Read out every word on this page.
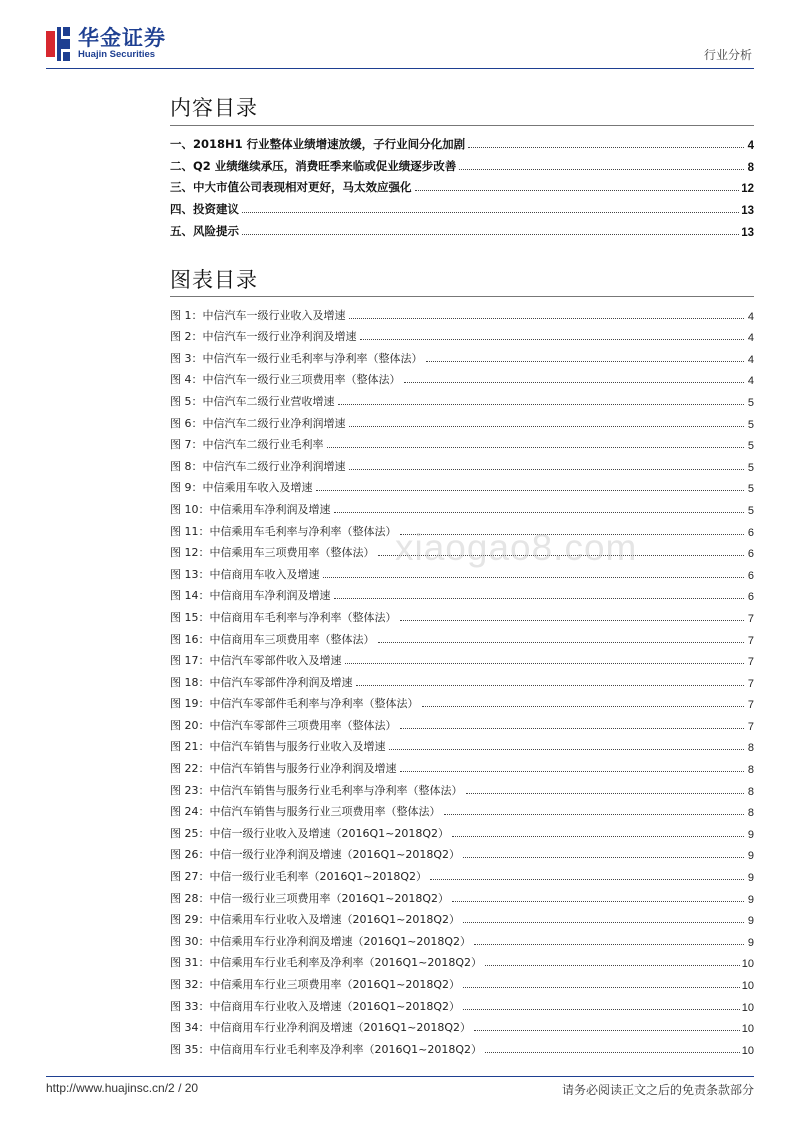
华金证券
Huajin Securities	行业分析
内容目录
一、2018H1 行业整体业绩增速放缓，子行业间分化加剧	4
二、Q2 业绩继续承压，消费旺季来临或促业绩逐步改善	8
三、中大市值公司表现相对更好，马太效应强化	12
四、投资建议	13
五、风险提示	13
图表目录
图 1：中信汽车一级行业收入及增速	4
图 2：中信汽车一级行业净利润及增速	4
图 3：中信汽车一级行业毛利率与净利率（整体法）	4
图 4：中信汽车一级行业三项费用率（整体法）	4
图 5：中信汽车二级行业营收增速	5
图 6：中信汽车二级行业净利润增速	5
图 7：中信汽车二级行业毛利率	5
图 8：中信汽车二级行业净利润增速	5
图 9：中信乘用车收入及增速	5
图 10：中信乘用车净利润及增速	5
图 11：中信乘用车毛利率与净利率（整体法）	6
图 12：中信乘用车三项费用率（整体法）	6
图 13：中信商用车收入及增速	6
图 14：中信商用车净利润及增速	6
图 15：中信商用车毛利率与净利率（整体法）	7
图 16：中信商用车三项费用率（整体法）	7
图 17：中信汽车零部件收入及增速	7
图 18：中信汽车零部件净利润及增速	7
图 19：中信汽车零部件毛利率与净利率（整体法）	7
图 20：中信汽车零部件三项费用率（整体法）	7
图 21：中信汽车销售与服务行业收入及增速	8
图 22：中信汽车销售与服务行业净利润及增速	8
图 23：中信汽车销售与服务行业毛利率与净利率（整体法）	8
图 24：中信汽车销售与服务行业三项费用率（整体法）	8
图 25：中信一级行业收入及增速（2016Q1~2018Q2）	9
图 26：中信一级行业净利润及增速（2016Q1~2018Q2）	9
图 27：中信一级行业毛利率（2016Q1~2018Q2）	9
图 28：中信一级行业三项费用率（2016Q1~2018Q2）	9
图 29：中信乘用车行业收入及增速（2016Q1~2018Q2）	9
图 30：中信乘用车行业净利润及增速（2016Q1~2018Q2）	9
图 31：中信乘用车行业毛利率及净利率（2016Q1~2018Q2）	10
图 32：中信乘用车行业三项费用率（2016Q1~2018Q2）	10
图 33：中信商用车行业收入及增速（2016Q1~2018Q2）	10
图 34：中信商用车行业净利润及增速（2016Q1~2018Q2）	10
图 35：中信商用车行业毛利率及净利率（2016Q1~2018Q2）	10
xiaogao8.com
http://www.huajinsc.cn/2 / 20	请务必阅读正文之后的免责条款部分
